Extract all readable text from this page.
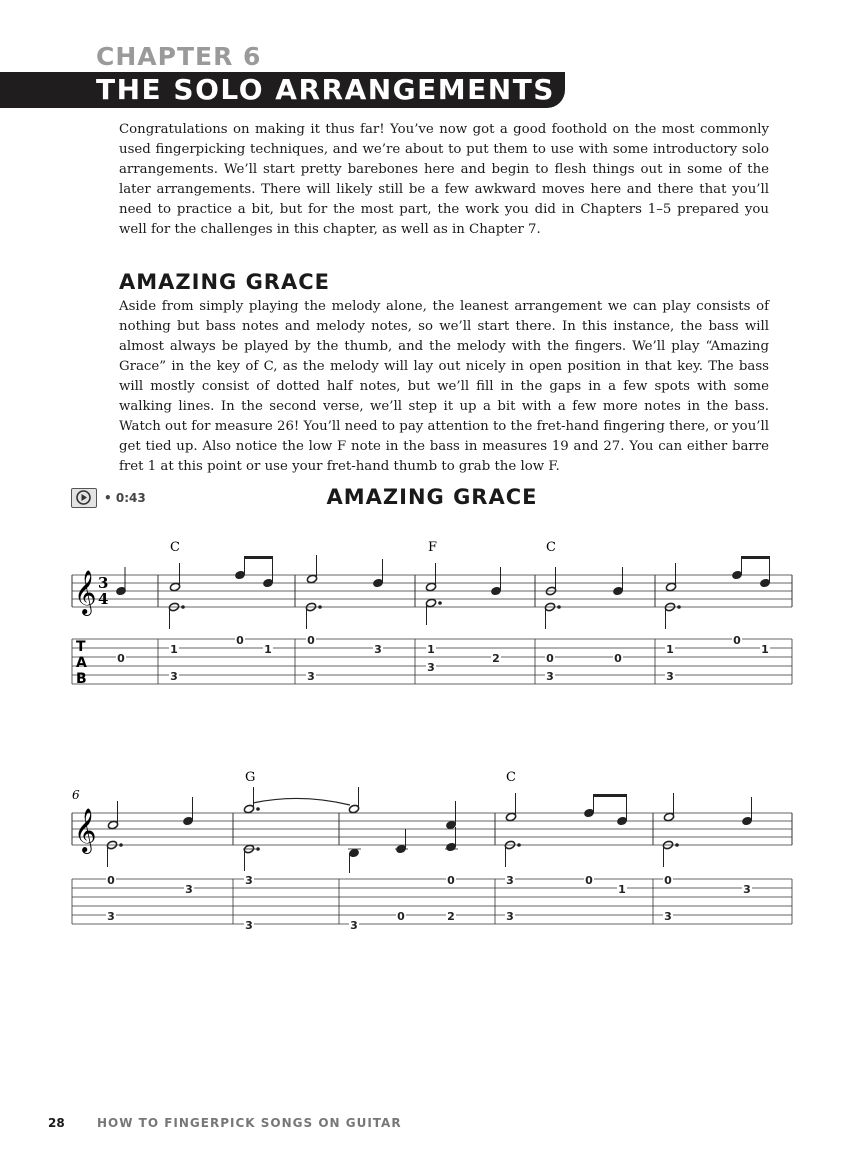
CHAPTER 6
THE SOLO ARRANGEMENTS

Congratulations on making it thus far! You’ve now got a good foothold on the most commonly used fingerpicking techniques, and we’re about to put them to use with some introductory solo arrangements. We’ll start pretty barebones here and begin to flesh things out in some of the later arrangements. There will likely still be a few awkward moves here and there that you’ll need to practice a bit, but for the most part, the work you did in Chapters 1–5 prepared you well for the challenges in this chapter, as well as in Chapter 7.

AMAZING GRACE

Aside from simply playing the melody alone, the leanest arrangement we can play consists of nothing but bass notes and melody notes, so we’ll start there. In this instance, the bass will almost always be played by the thumb, and the melody with the fingers. We’ll play “Amazing Grace” in the key of C, as the melody will lay out nicely in open position in that key. The bass will mostly consist of dotted half notes, but we’ll fill in the gaps in a few spots with some walking lines. In the second verse, we’ll step it up a bit with a few more notes in the bass. Watch out for measure 26! You’ll need to pay attention to the fret-hand fingering there, or you’ll get tied up. Also notice the low F note in the bass in measures 19 and 27. You can either barre fret 1 at this point or use your fret-hand thumb to grab the low F.

• 0:43	AMAZING GRACE
C	F	C
𝄞 3
4
T
A
B
0
1
3
0
1
0
3
3	1
3
2	0
3
0
1
3
0
1
G	C
6
𝄞
0
3
3
3
3	3
0	2
0	3
3
0
1
0
3
3
28	HOW TO FINGERPICK SONGS ON GUITAR
